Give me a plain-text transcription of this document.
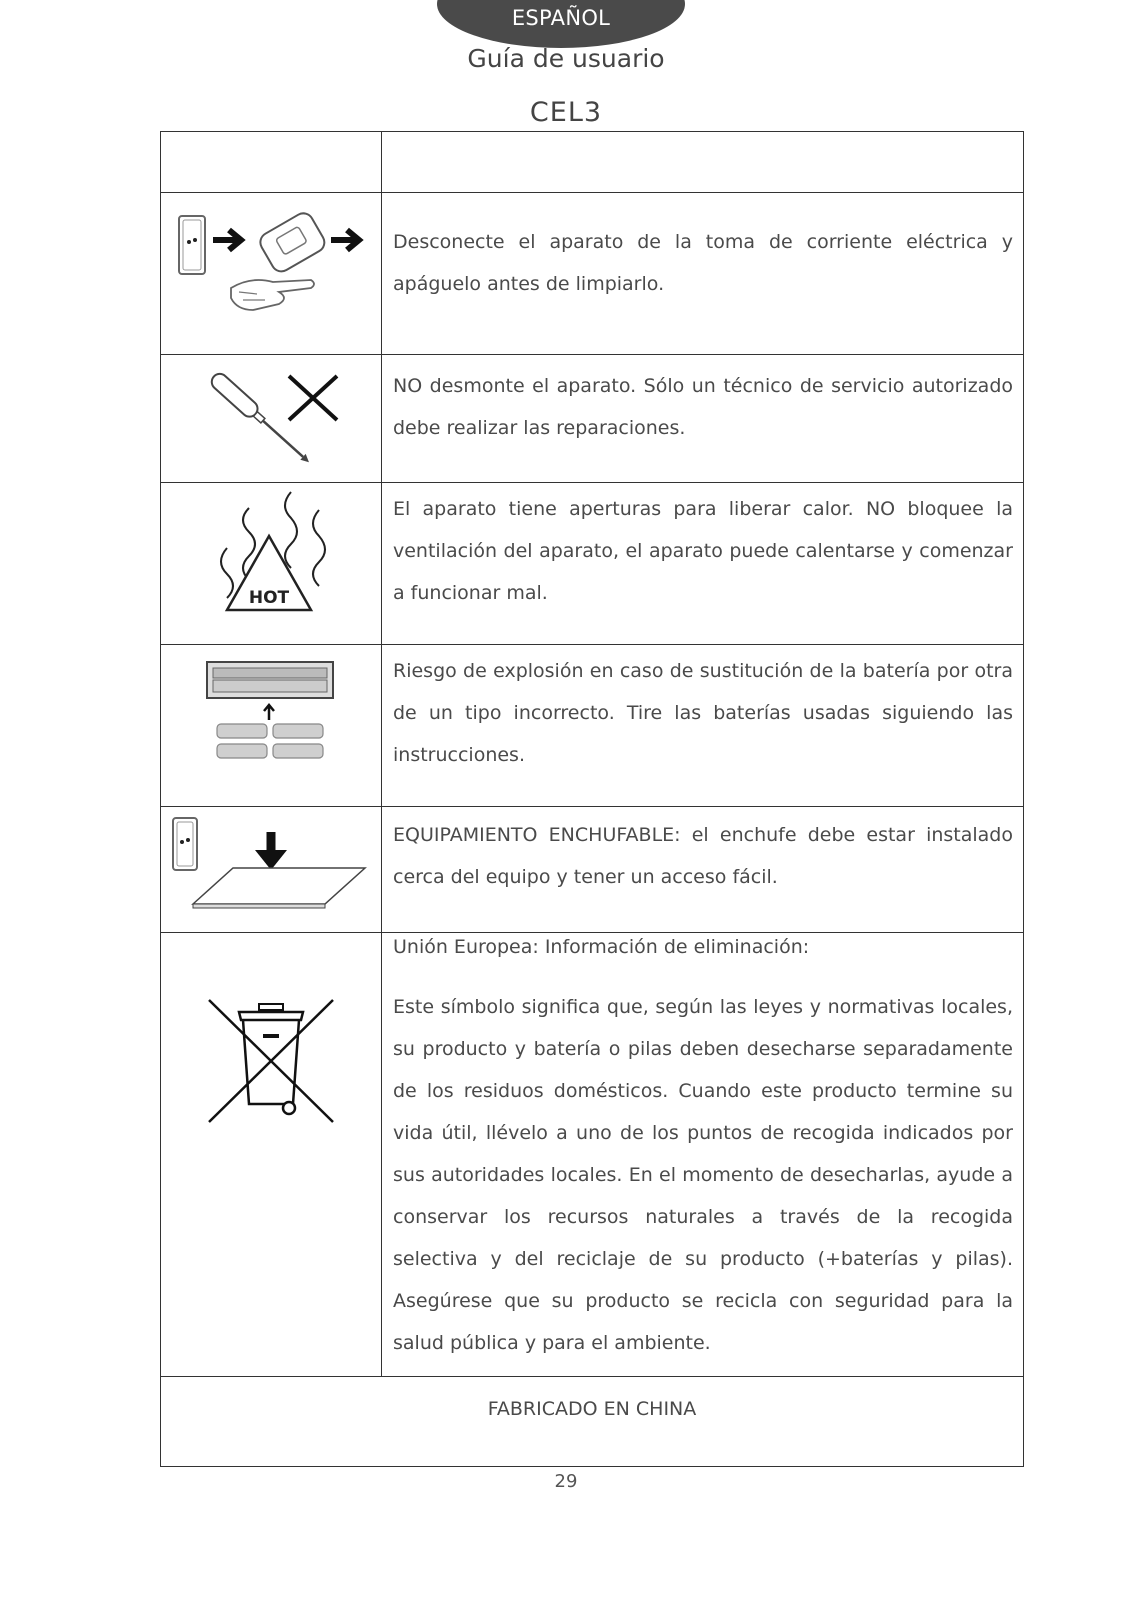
ESPAÑOL
Guía de usuario
CEL3
Desconecte el aparato de la toma de corriente eléctrica y apáguelo antes de limpiarlo.
NO desmonte el aparato. Sólo un técnico de servicio autorizado debe realizar las reparaciones.
HOT
El aparato tiene aperturas para liberar calor. NO bloquee la ventilación del aparato, el aparato puede calentarse y comenzar a funcionar mal.
Riesgo de explosión en caso de sustitución de la batería por otra de un tipo incorrecto. Tire las baterías usadas siguiendo las instrucciones.
EQUIPAMIENTO ENCHUFABLE: el enchufe debe estar instalado cerca del equipo y tener un acceso fácil.
Unión Europea: Información de eliminación:
Este símbolo significa que, según las leyes y normativas locales, su producto y batería o pilas deben desecharse separadamente de los residuos domésticos. Cuando este producto termine su vida útil, llévelo a uno de los puntos de recogida indicados por sus autoridades locales. En el momento de desecharlas, ayude a conservar los recursos naturales a través de la recogida selectiva y del reciclaje de su producto (+baterías y pilas). Asegúrese que su producto se recicla con seguridad para la salud pública y para el ambiente.
FABRICADO EN CHINA
29
